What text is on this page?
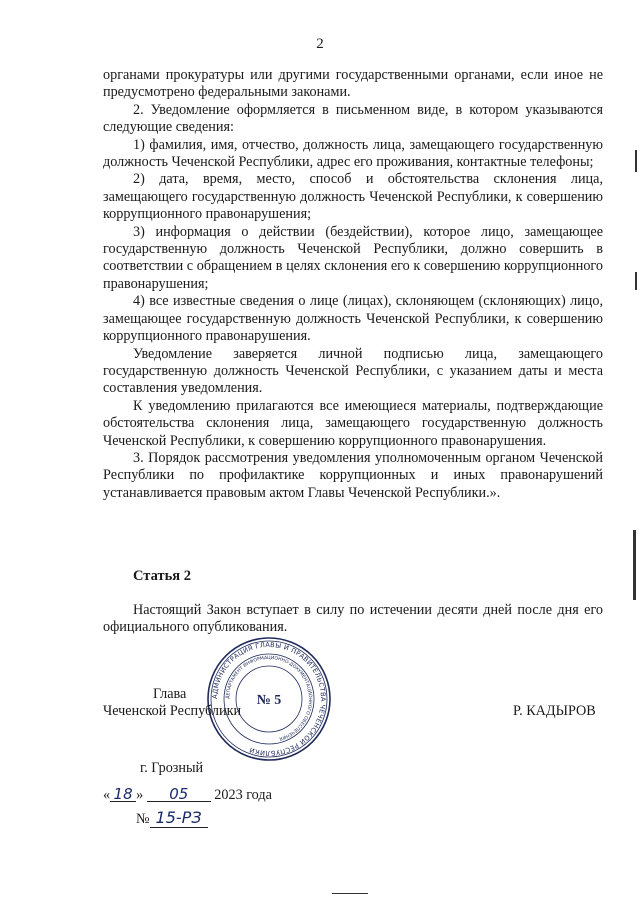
2

органами прокуратуры или другими государственными органами, если иное не предусмотрено федеральными законами.

2. Уведомление оформляется в письменном виде, в котором указываются следующие сведения:

1) фамилия, имя, отчество, должность лица, замещающего государственную должность Чеченской Республики, адрес его проживания, контактные телефоны;

2) дата, время, место, способ и обстоятельства склонения лица, замещающего государственную должность Чеченской Республики, к совершению коррупционного правонарушения;

3) информация о действии (бездействии), которое лицо, замещающее государственную должность Чеченской Республики, должно совершить в соответствии с обращением в целях склонения его к совершению коррупционного правонарушения;

4) все известные сведения о лице (лицах), склоняющем (склоняющих) лицо, замещающее государственную должность Чеченской Республики, к совершению коррупционного правонарушения.

Уведомление заверяется личной подписью лица, замещающего государственную должность Чеченской Республики, с указанием даты и места составления уведомления.

К уведомлению прилагаются все имеющиеся материалы, подтверждающие обстоятельства склонения лица, замещающего государственную должность Чеченской Республики, к совершению коррупционного правонарушения.

3. Порядок рассмотрения уведомления уполномоченным органом Чеченской Республики по профилактике коррупционных и иных правонарушений устанавливается правовым актом Главы Чеченской Республики.».

Статья 2
Настоящий Закон вступает в силу по истечении десяти дней после дня его официального опубликования.
АДМИНИСТРАЦИЯ ГЛАВЫ И ПРАВИТЕЛЬСТВА ЧЕЧЕНСКОЙ РЕСПУБЛИКИ
ДЕПАРТАМЕНТ ИНФОРМАЦИОННО-ДОКУМЕНТАЦИОННОГО ОБЕСПЕЧЕНИЯ
№ 5
Глава
Чеченской Республики	Р. КАДЫРОВ
г. Грозный
« 18 » 05 2023 года
№ 15-РЗ
